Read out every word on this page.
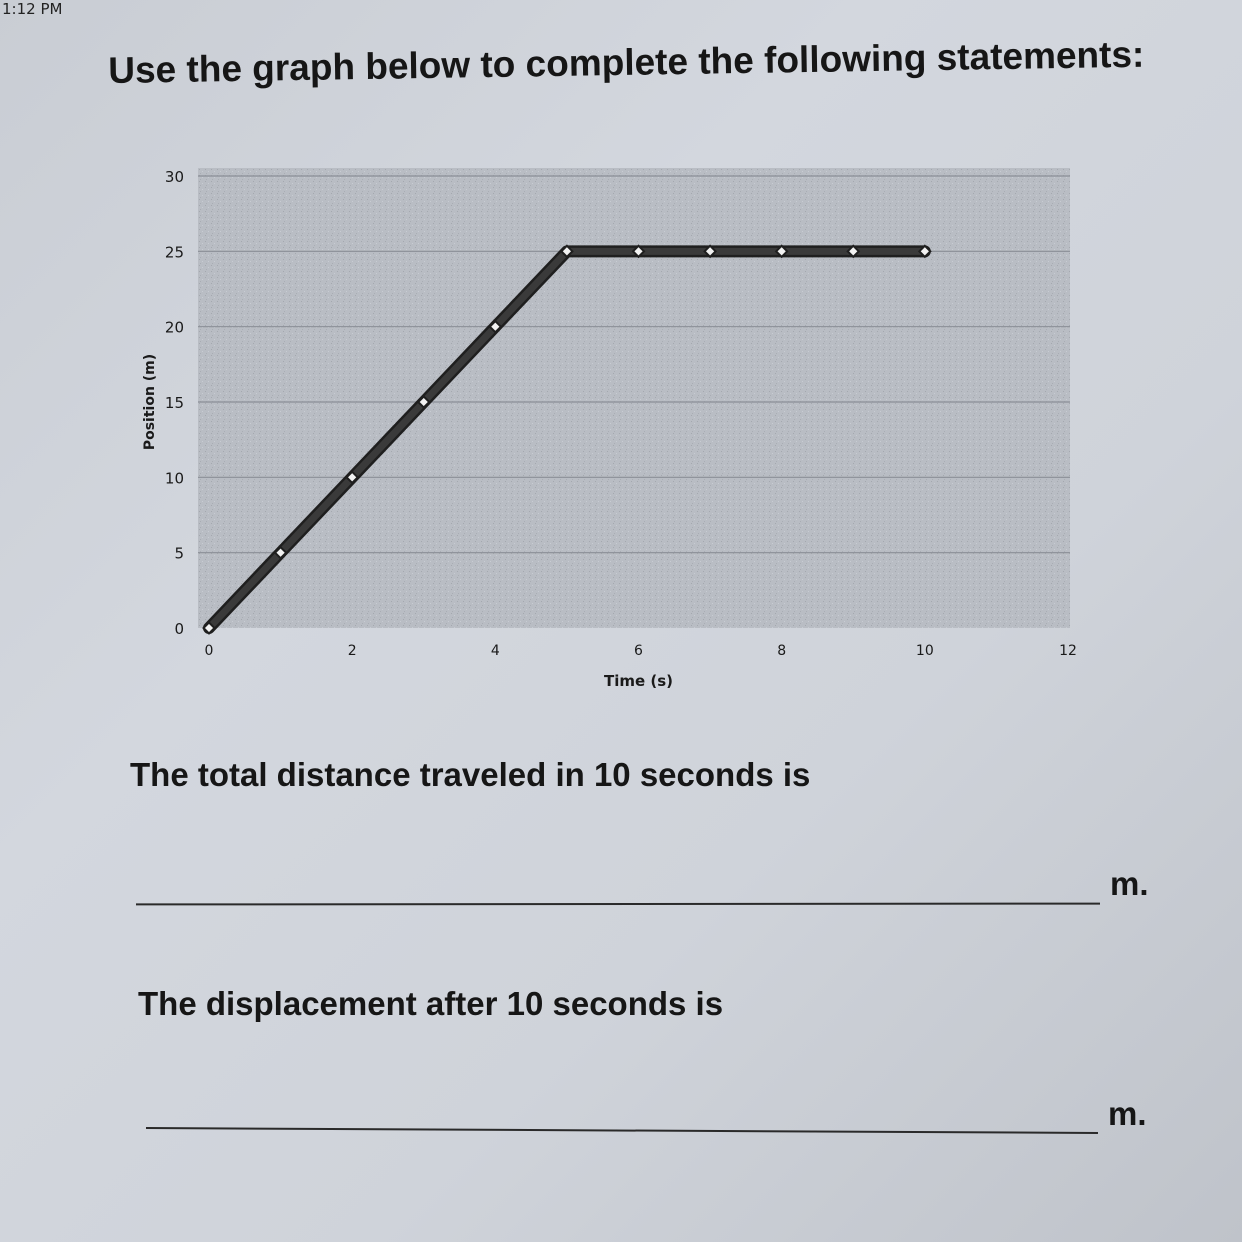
1:12 PM
Use the graph below to complete the following statements:
0
5
10
15
20
25
30
0	2	4	6	8	10	12
Time (s)
Position (m)
The total distance traveled in 10 seconds is
m.
The displacement after 10 seconds is
m.
